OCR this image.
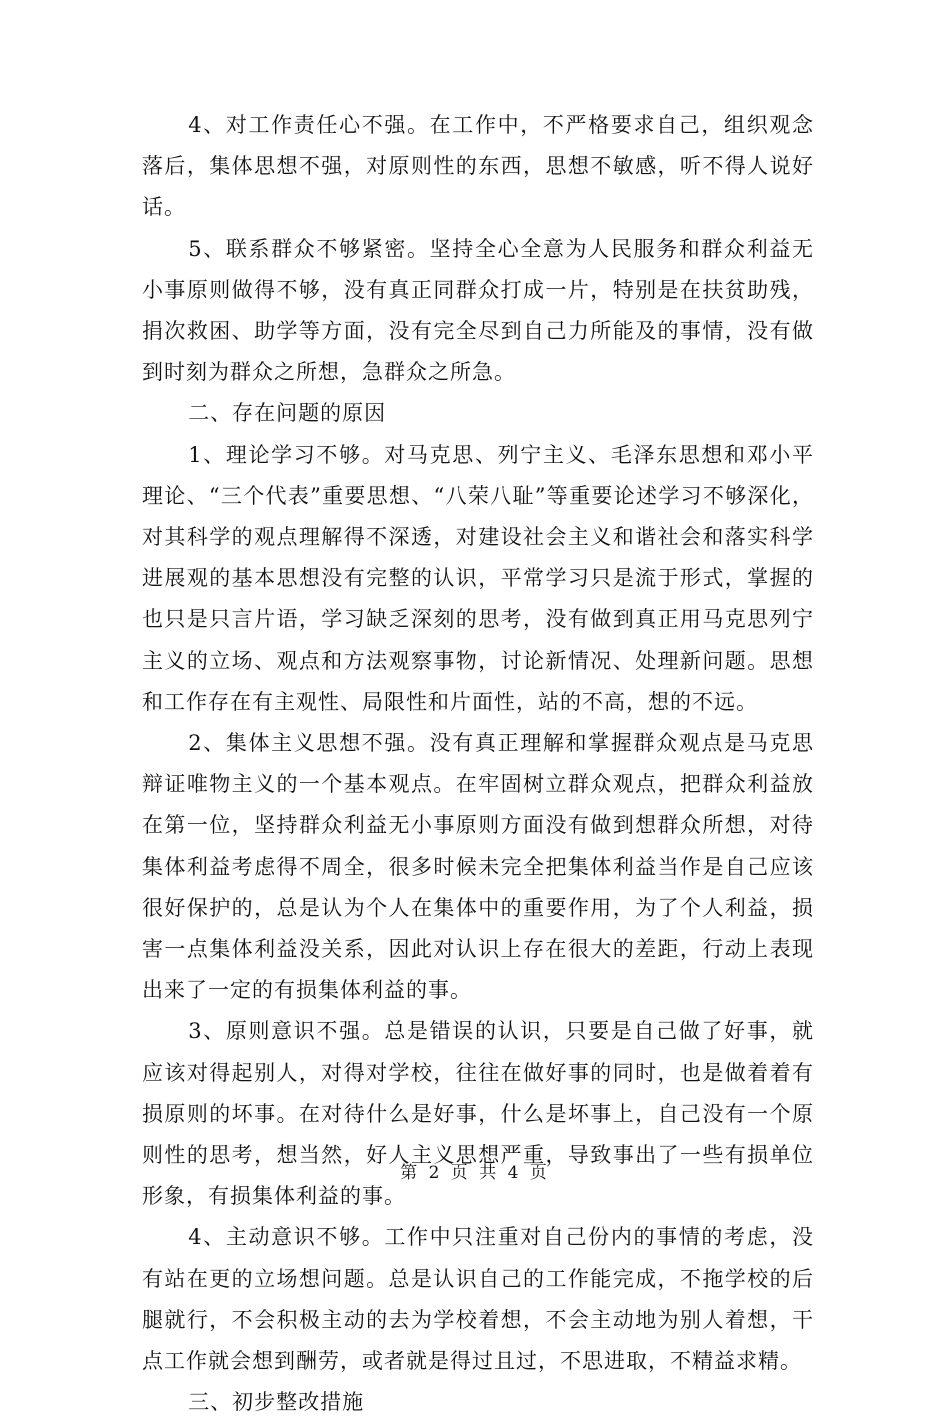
4、对工作责任心不强。在工作中，不严格要求自己，组织观念落后，集体思想不强，对原则性的东西，思想不敏感，听不得人说好话。

5、联系群众不够紧密。坚持全心全意为人民服务和群众利益无小事原则做得不够，没有真正同群众打成一片，特别是在扶贫助残，捐次救困、助学等方面，没有完全尽到自己力所能及的事情，没有做到时刻为群众之所想，急群众之所急。

二、存在问题的原因

1、理论学习不够。对马克思、列宁主义、毛泽东思想和邓小平理论、“三个代表”重要思想、“八荣八耻”等重要论述学习不够深化，对其科学的观点理解得不深透，对建设社会主义和谐社会和落实科学进展观的基本思想没有完整的认识，平常学习只是流于形式，掌握的也只是只言片语，学习缺乏深刻的思考，没有做到真正用马克思列宁主义的立场、观点和方法观察事物，讨论新情况、处理新问题。思想和工作存在有主观性、局限性和片面性，站的不高，想的不远。

2、集体主义思想不强。没有真正理解和掌握群众观点是马克思辩证唯物主义的一个基本观点。在牢固树立群众观点，把群众利益放在第一位，坚持群众利益无小事原则方面没有做到想群众所想，对待集体利益考虑得不周全，很多时候未完全把集体利益当作是自己应该很好保护的，总是认为个人在集体中的重要作用，为了个人利益，损害一点集体利益没关系，因此对认识上存在很大的差距，行动上表现出来了一定的有损集体利益的事。

3、原则意识不强。总是错误的认识，只要是自己做了好事，就应该对得起别人，对得对学校，往往在做好事的同时，也是做着着有损原则的坏事。在对待什么是好事，什么是坏事上，自己没有一个原则性的思考，想当然，好人主义思想严重，导致事出了一些有损单位形象，有损集体利益的事。

4、主动意识不够。工作中只注重对自己份内的事情的考虑，没有站在更的立场想问题。总是认识自己的工作能完成，不拖学校的后腿就行，不会积极主动的去为学校着想，不会主动地为别人着想，干点工作就会想到酬劳，或者就是得过且过，不思进取，不精益求精。

三、初步整改措施

第 2 页 共 4 页
